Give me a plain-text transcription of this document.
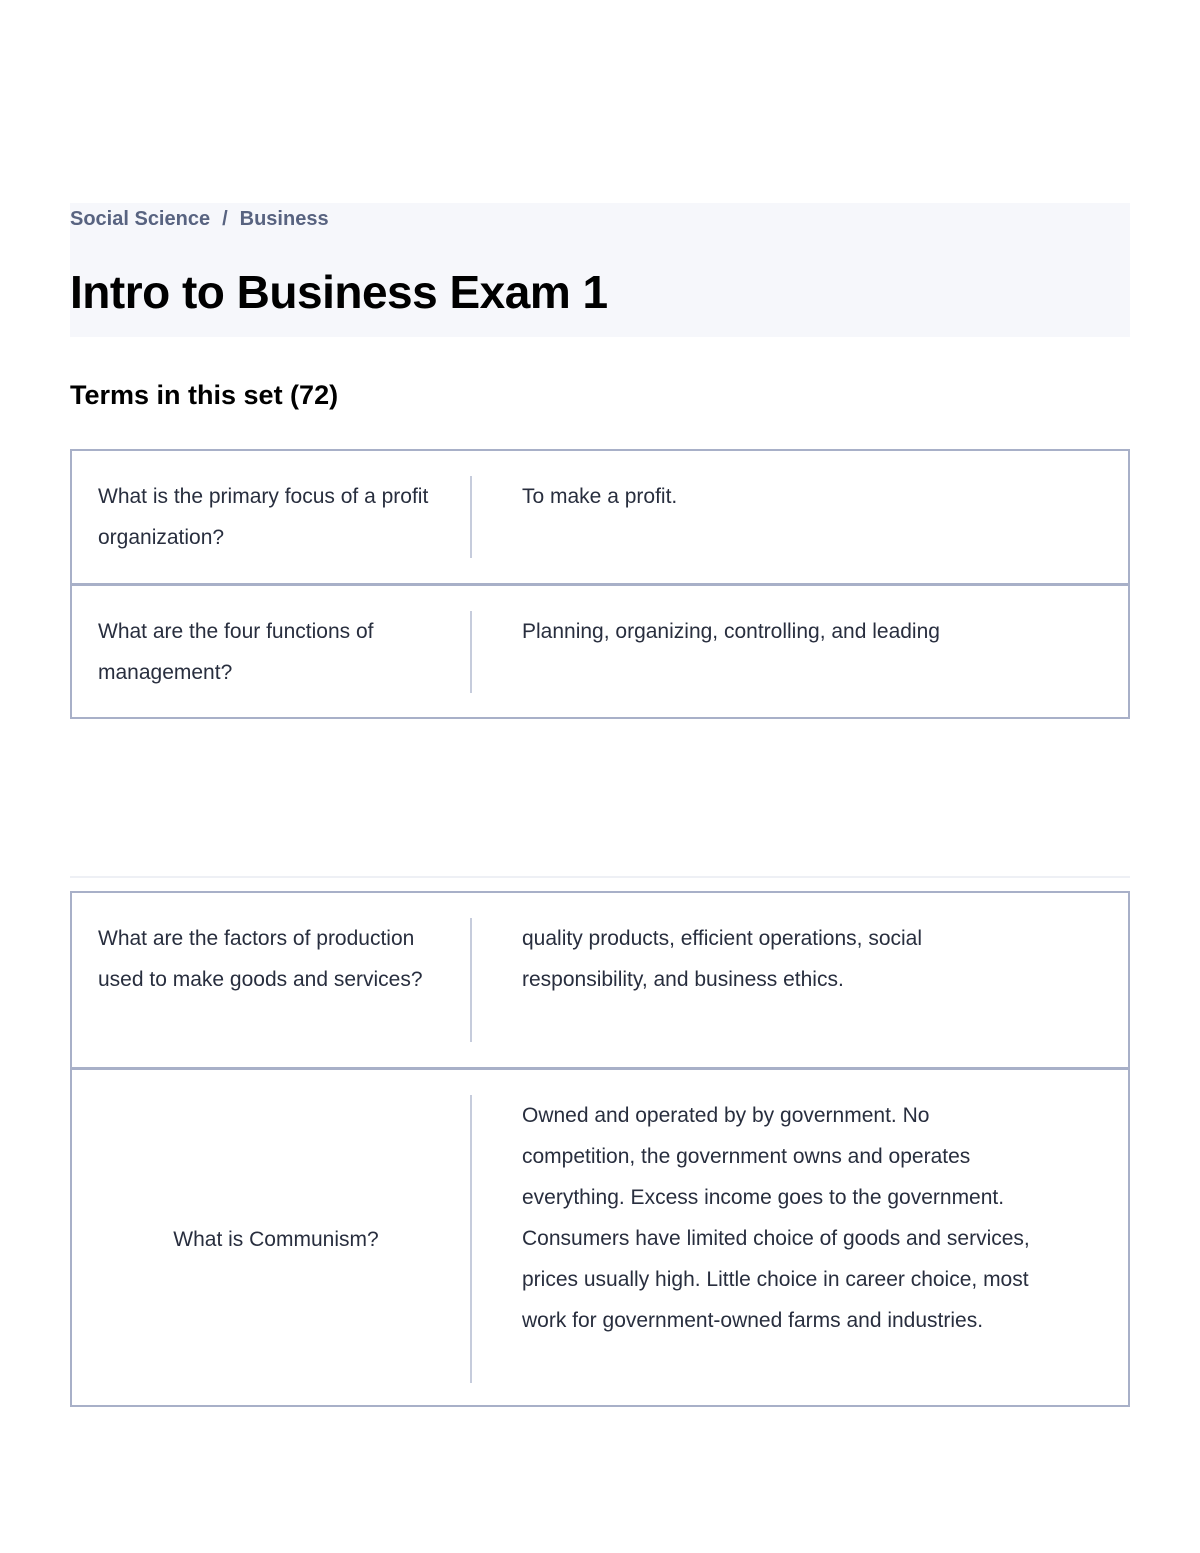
Social Science / Business
Intro to Business Exam 1
Terms in this set (72)
What is the primary focus of a profit organization?
To make a profit.
What are the four functions of management?
Planning, organizing, controlling, and leading
What are the factors of production used to make goods and services?
quality products, efficient operations, social responsibility, and business ethics.
What is Communism?
Owned and operated by by government. No competition, the government owns and operates everything. Excess income goes to the government. Consumers have limited choice of goods and services, prices usually high. Little choice in career choice, most work for government-owned farms and industries.
